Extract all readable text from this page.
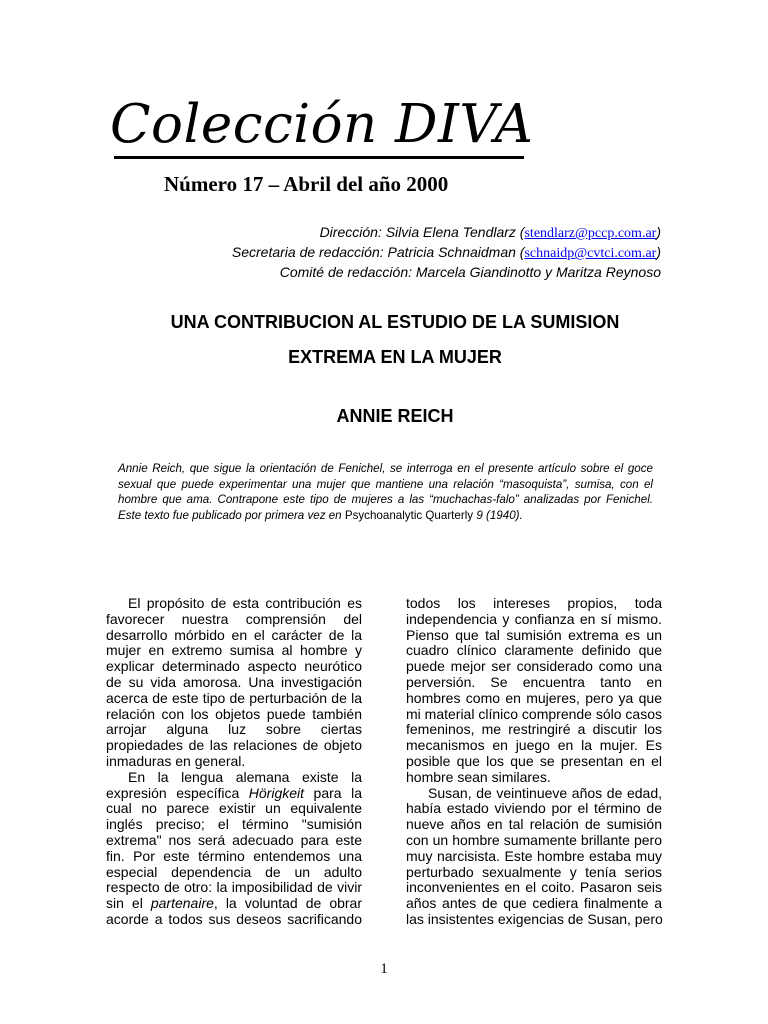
Colección DIVA
Número 17 – Abril del año 2000
Dirección: Silvia Elena Tendlarz (stendlarz@pccp.com.ar)
Secretaria de redacción: Patricia Schnaidman (schnaidp@cvtci.com.ar)
Comité de redacción: Marcela Giandinotto y Maritza Reynoso
UNA CONTRIBUCION AL ESTUDIO DE LA SUMISION
EXTREMA EN LA MUJER
ANNIE REICH
Annie Reich, que sigue la orientación de Fenichel, se interroga en el presente artículo sobre el goce sexual que puede experimentar una mujer que mantiene una relación “masoquista”, sumisa, con el hombre que ama. Contrapone este tipo de mujeres a las “muchachas-falo” analizadas por Fenichel. Este texto fue publicado por primera vez en Psychoanalytic Quarterly 9 (1940).
El propósito de esta contribución es
favorecer nuestra comprensión del
desarrollo mórbido en el carácter de la
mujer en extremo sumisa al hombre y
explicar determinado aspecto neurótico
de su vida amorosa. Una investigación
acerca de este tipo de perturbación de la
relación con los objetos puede también
arrojar alguna luz sobre ciertas
propiedades de las relaciones de objeto
inmaduras en general.
En la lengua alemana existe la
expresión específica Hörigkeit para la
cual no parece existir un equivalente
inglés preciso; el término "sumisión
extrema" nos será adecuado para este
fin. Por este término entendemos una
especial dependencia de un adulto
respecto de otro: la imposibilidad de vivir
sin el partenaire, la voluntad de obrar
acorde a todos sus deseos sacrificando
todos los intereses propios, toda
independencia y confianza en sí mismo.
Pienso que tal sumisión extrema es un
cuadro clínico claramente definido que
puede mejor ser considerado como una
perversión. Se encuentra tanto en
hombres como en mujeres, pero ya que
mi material clínico comprende sólo casos
femeninos, me restringiré a discutir los
mecanismos en juego en la mujer. Es
posible que los que se presentan en el
hombre sean similares.
Susan, de veintinueve años de edad,
había estado viviendo por el término de
nueve años en tal relación de sumisión
con un hombre sumamente brillante pero
muy narcisista. Este hombre estaba muy
perturbado sexualmente y tenía serios
inconvenientes en el coito. Pasaron seis
años antes de que cediera finalmente a
las insistentes exigencias de Susan, pero
1
